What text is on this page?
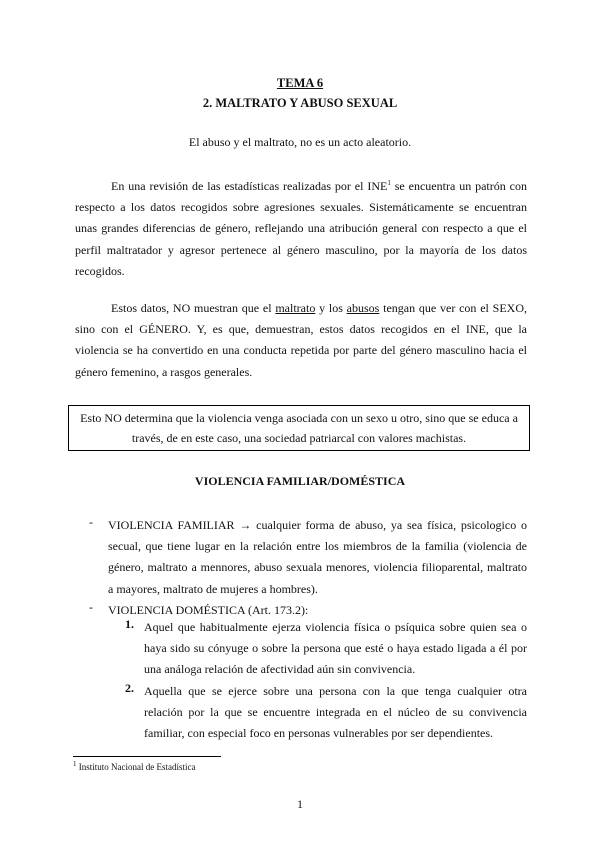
TEMA 6
2. MALTRATO Y ABUSO SEXUAL
El abuso y el maltrato, no es un acto aleatorio.

En una revisión de las estadísticas realizadas por el INE$^1$ se encuentra un patrón con respecto a los datos recogidos sobre agresiones sexuales. Sistemáticamente se encuentran unas grandes diferencias de género, reflejando una atribución general con respecto a que el perfil maltratador y agresor pertenece al género masculino, por la mayoría de los datos recogidos.

Estos datos, NO muestran que el maltrato y los abusos tengan que ver con el SEXO, sino con el GÉNERO. Y, es que, demuestran, estos datos recogidos en el INE, que la violencia se ha convertido en una conducta repetida por parte del género masculino hacia el género femenino, a rasgos generales.

Esto NO determina que la violencia venga asociada con un sexo u otro, sino que se educa a través, de en este caso, una sociedad patriarcal con valores machistas.
VIOLENCIA FAMILIAR/DOMÉSTICA
- VIOLENCIA FAMILIAR → cualquier forma de abuso, ya sea física, psicologico o secual, que tiene lugar en la relación entre los miembros de la familia (violencia de género, maltrato a mennores, abuso sexuala menores, violencia filioparental, maltrato a mayores, maltrato de mujeres a hombres).

- VIOLENCIA DOMÉSTICA (Art. 173.2):

1. Aquel que habitualmente ejerza violencia física o psíquica sobre quien sea o haya sido su cónyuge o sobre la persona que esté o haya estado ligada a él por una análoga relación de afectividad aún sin convivencia.

2. Aquella que se ejerce sobre una persona con la que tenga cualquier otra relación por la que se encuentre integrada en el núcleo de su convivencia familiar, con especial foco en personas vulnerables por ser dependientes.

$^1$ Instituto Nacional de Estadística
1
